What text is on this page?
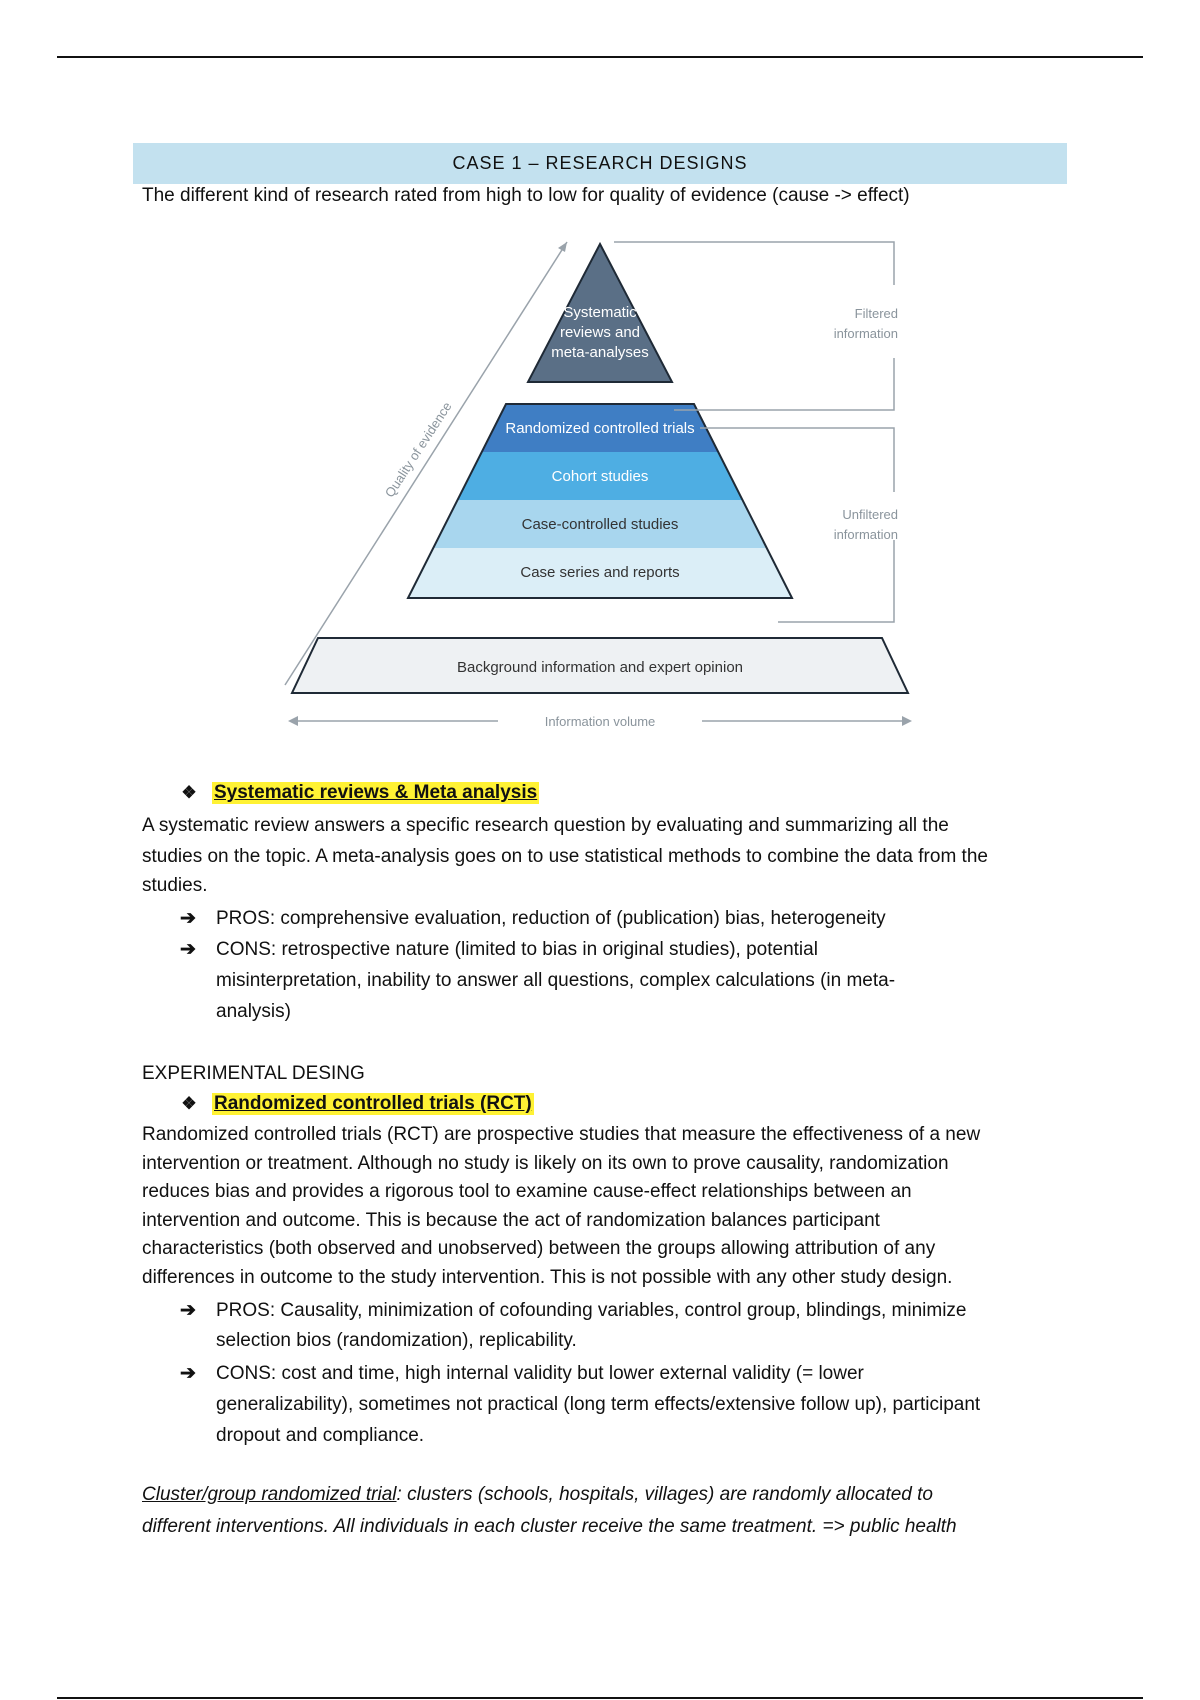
CASE 1 – RESEARCH DESIGNS
The different kind of research rated from high to low for quality of evidence (cause -> effect)
Quality of evidence
Systematic
reviews and
meta-analyses
Randomized controlled trials
Cohort studies
Case-controlled studies
Case series and reports
Background information and expert opinion
Filtered
information
Unfiltered
information
Information volume
❖ Systematic reviews & Meta analysis
A systematic review answers a specific research question by evaluating and summarizing all the
studies on the topic. A meta-analysis goes on to use statistical methods to combine the data from the
studies.
➔	PROS: comprehensive evaluation, reduction of (publication) bias, heterogeneity
➔	CONS: retrospective nature (limited to bias in original studies), potential
misinterpretation, inability to answer all questions, complex calculations (in meta-
analysis)
EXPERIMENTAL DESING
❖ Randomized controlled trials (RCT)
Randomized controlled trials (RCT) are prospective studies that measure the effectiveness of a new
intervention or treatment. Although no study is likely on its own to prove causality, randomization
reduces bias and provides a rigorous tool to examine cause-effect relationships between an
intervention and outcome. This is because the act of randomization balances participant
characteristics (both observed and unobserved) between the groups allowing attribution of any
differences in outcome to the study intervention. This is not possible with any other study design.
➔	PROS: Causality, minimization of cofounding variables, control group, blindings, minimize
selection bios (randomization), replicability.
➔	CONS: cost and time, high internal validity but lower external validity (= lower
generalizability), sometimes not practical (long term effects/extensive follow up), participant
dropout and compliance.
Cluster/group randomized trial: clusters (schools, hospitals, villages) are randomly allocated to
different interventions. All individuals in each cluster receive the same treatment. => public health
